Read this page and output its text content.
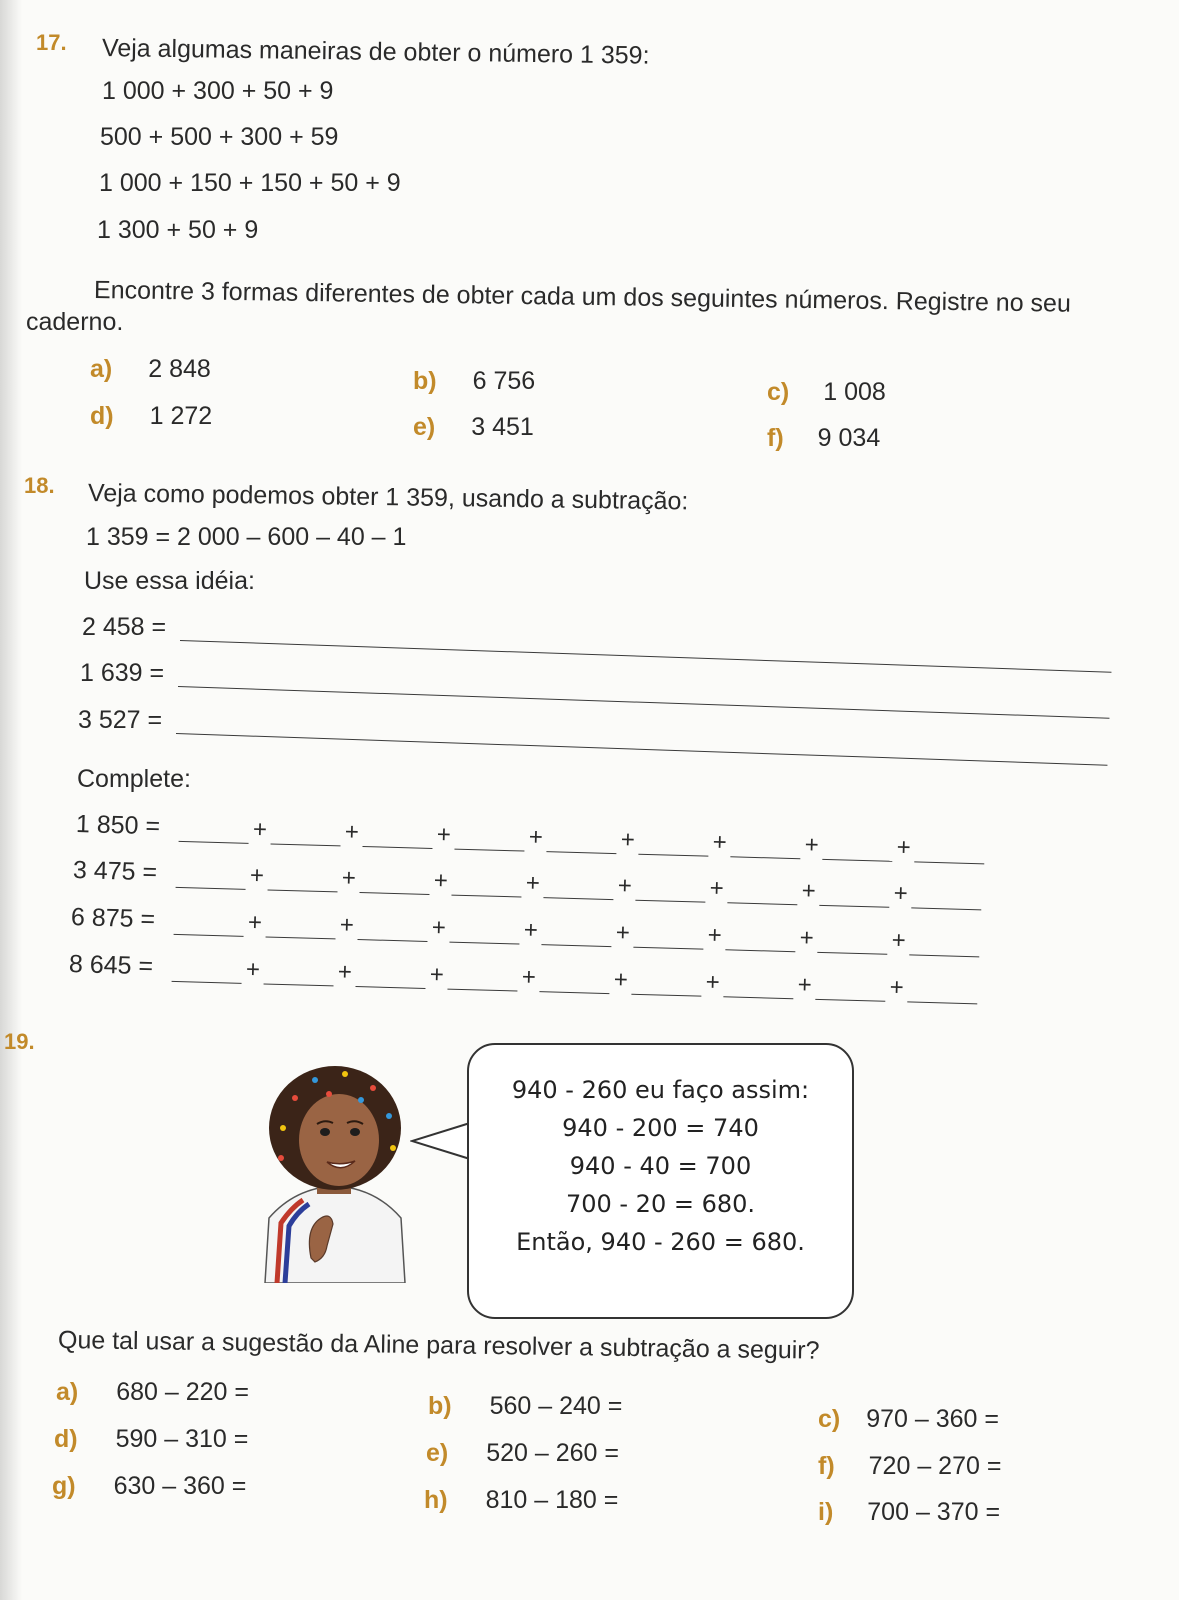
17. Veja algumas maneiras de obter o número 1 359:
1 000 + 300 + 50 + 9
500 + 500 + 300 + 59
1 000 + 150 + 150 + 50 + 9
1 300 + 50 + 9
Encontre 3 formas diferentes de obter cada um dos seguintes números. Registre no seu
caderno.
a) 2 848	b) 6 756	c) 1 008
d) 1 272	e) 3 451	f) 9 034
18. Veja como podemos obter 1 359, usando a subtração:
1 359 = 2 000 – 600 – 40 – 1
Use essa idéia:
2 458 =
1 639 =
3 527 =
Complete:
1 850 =	+	+	+	+	+	+	+	+
3 475 =	+	+	+	+	+	+	+	+
6 875 =	+	+	+	+	+	+	+	+
8 645 =	+	+	+	+	+	+	+	+
19.
940 - 260 eu faço assim:
940 - 200 = 740
940 - 40 = 700
700 - 20 = 680.
Então, 940 - 260 = 680.
Que tal usar a sugestão da Aline para resolver a subtração a seguir?
a) 680 – 220 =	b) 560 – 240 =	c) 970 – 360 =
d) 590 – 310 =	e) 520 – 260 =	f) 720 – 270 =
g) 630 – 360 =	h) 810 – 180 =	i) 700 – 370 =
